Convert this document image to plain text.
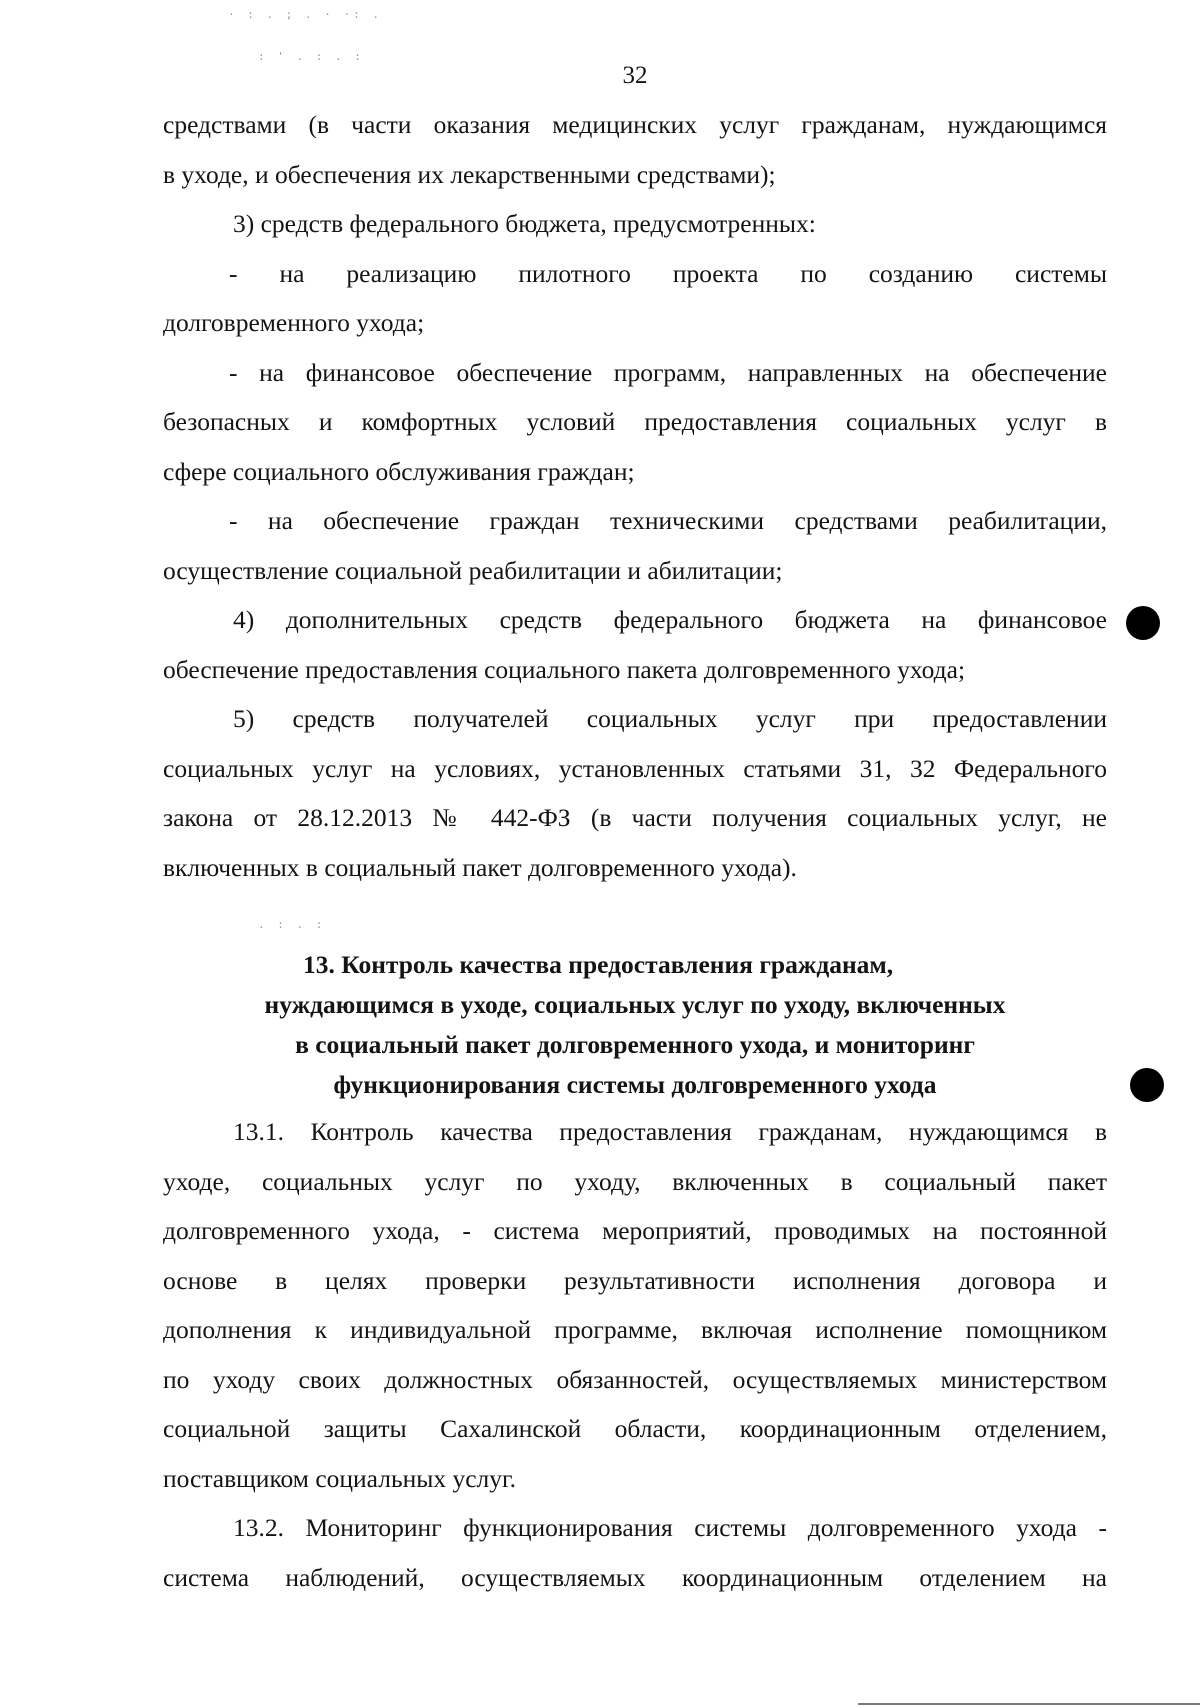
· : . ; . · ·: .
: ' . : . :
. : . :
32
средствами (в части оказания медицинских услуг гражданам, нуждающимся
в уходе, и обеспечения их лекарственными средствами);
3) средств федерального бюджета, предусмотренных:
- на реализацию пилотного проекта по созданию системы
долговременного ухода;
- на финансовое обеспечение программ, направленных на обеспечение
безопасных и комфортных условий предоставления социальных услуг в
сфере социального обслуживания граждан;
- на обеспечение граждан техническими средствами реабилитации,
осуществление социальной реабилитации и абилитации;
4) дополнительных средств федерального бюджета на финансовое
обеспечение предоставления социального пакета долговременного ухода;
5) средств получателей социальных услуг при предоставлении
социальных услуг на условиях, установленных статьями 31, 32 Федерального
закона от 28.12.2013 № 442-ФЗ (в части получения социальных услуг, не
включенных в социальный пакет долговременного ухода).
13. Контроль качества предоставления гражданам,
нуждающимся в уходе, социальных услуг по уходу, включенных
в социальный пакет долговременного ухода, и мониторинг
функционирования системы долговременного ухода
13.1. Контроль качества предоставления гражданам, нуждающимся в
уходе, социальных услуг по уходу, включенных в социальный пакет
долговременного ухода, - система мероприятий, проводимых на постоянной
основе в целях проверки результативности исполнения договора и
дополнения к индивидуальной программе, включая исполнение помощником
по уходу своих должностных обязанностей, осуществляемых министерством
социальной защиты Сахалинской области, координационным отделением,
поставщиком социальных услуг.
13.2. Мониторинг функционирования системы долговременного ухода -
система наблюдений, осуществляемых координационным отделением на
